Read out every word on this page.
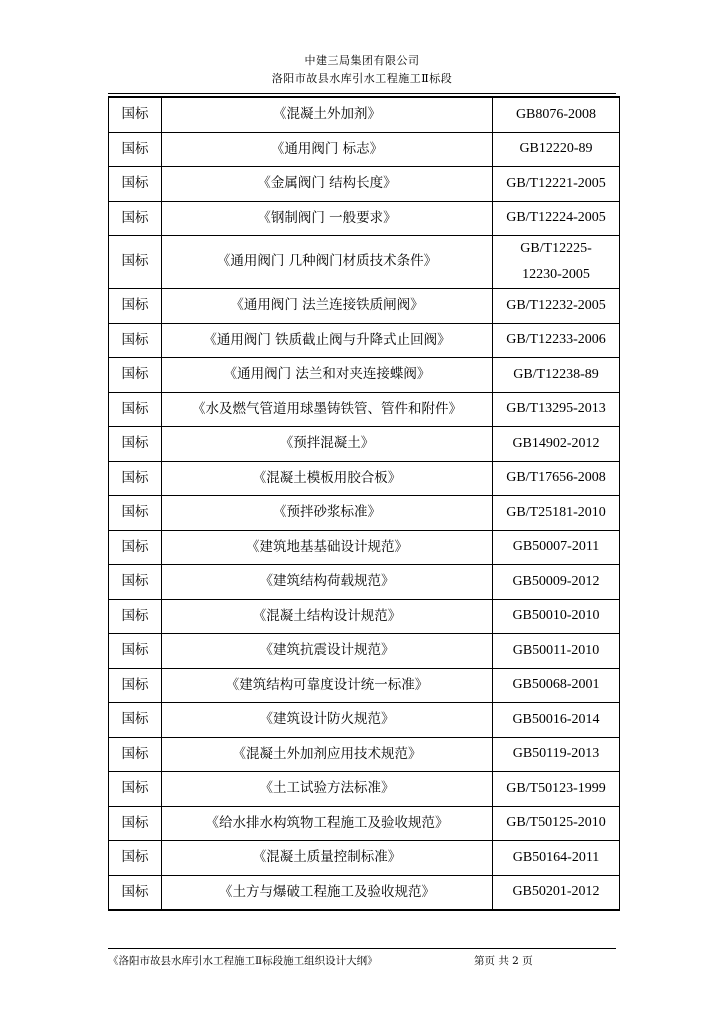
中建三局集团有限公司
洛阳市故县水库引水工程施工Ⅱ标段
国标	《混凝土外加剂》	GB8076-2008
国标	《通用阀门 标志》	GB12220-89
国标	《金属阀门 结构长度》	GB/T12221-2005
国标	《钢制阀门 一般要求》	GB/T12224-2005
国标	《通用阀门 几种阀门材质技术条件》	GB/T12225-
12230-2005

国标	《通用阀门 法兰连接铁质闸阀》	GB/T12232-2005
国标	《通用阀门 铁质截止阀与升降式止回阀》	GB/T12233-2006
国标	《通用阀门 法兰和对夹连接蝶阀》	GB/T12238-89
国标	《水及燃气管道用球墨铸铁管、管件和附件》	GB/T13295-2013
国标	《预拌混凝土》	GB14902-2012
国标	《混凝土模板用胶合板》	GB/T17656-2008
国标	《预拌砂浆标准》	GB/T25181-2010
国标	《建筑地基基础设计规范》	GB50007-2011
国标	《建筑结构荷载规范》	GB50009-2012
国标	《混凝土结构设计规范》	GB50010-2010
国标	《建筑抗震设计规范》	GB50011-2010
国标	《建筑结构可靠度设计统一标准》	GB50068-2001
国标	《建筑设计防火规范》	GB50016-2014
国标	《混凝土外加剂应用技术规范》	GB50119-2013
国标	《土工试验方法标准》	GB/T50123-1999
国标	《给水排水构筑物工程施工及验收规范》	GB/T50125-2010
国标	《混凝土质量控制标准》	GB50164-2011
国标	《土方与爆破工程施工及验收规范》	GB50201-2012
《洛阳市故县水库引水工程施工Ⅱ标段施工组织设计大纲》	第页 共 2 页
